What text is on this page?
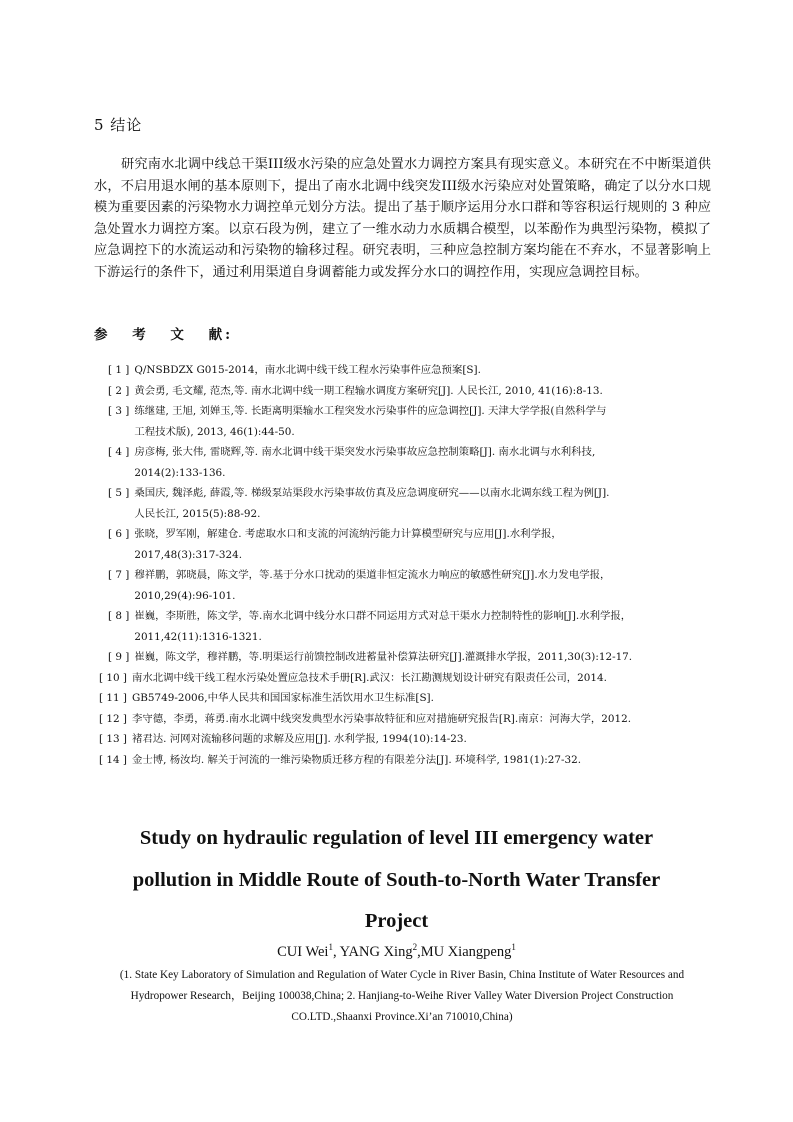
5 结论

研究南水北调中线总干渠III级水污染的应急处置水力调控方案具有现实意义。本研究在不中断渠道供水，不启用退水闸的基本原则下，提出了南水北调中线突发III级水污染应对处置策略，确定了以分水口规模为重要因素的污染物水力调控单元划分方法。提出了基于顺序运用分水口群和等容积运行规则的 3 种应急处置水力调控方案。以京石段为例，建立了一维水动力水质耦合模型，以苯酚作为典型污染物，模拟了应急调控下的水流运动和污染物的输移过程。研究表明，三种应急控制方案均能在不弃水，不显著影响上下游运行的条件下，通过利用渠道自身调蓄能力或发挥分水口的调控作用，实现应急调控目标。

参 考 文 献:
[ 1 ] Q/NSBDZX G015-2014，南水北调中线干线工程水污染事件应急预案[S].
[ 2 ] 黄会勇, 毛文耀, 范杰,等. 南水北调中线一期工程输水调度方案研究[J]. 人民长江, 2010, 41(16):8-13.
[ 3 ] 练继建, 王旭, 刘婵玉,等. 长距离明渠输水工程突发水污染事件的应急调控[J]. 天津大学学报(自然科学与
工程技术版), 2013, 46(1):44-50.
[ 4 ] 房彦梅, 张大伟, 雷晓辉,等. 南水北调中线干渠突发水污染事故应急控制策略[J]. 南水北调与水利科技,
2014(2):133-136.
[ 5 ] 桑国庆, 魏泽彪, 薛霞,等. 梯级泵站渠段水污染事故仿真及应急调度研究——以南水北调东线工程为例[J].
人民长江, 2015(5):88-92.
[ 6 ] 张晓，罗军刚，解建仓. 考虑取水口和支流的河流纳污能力计算模型研究与应用[J].水利学报，
2017,48(3):317-324.
[ 7 ] 穆祥鹏，郭晓晨，陈文学，等.基于分水口扰动的渠道非恒定流水力响应的敏感性研究[J].水力发电学报，
2010,29(4):96-101.
[ 8 ] 崔巍，李斯胜，陈文学，等.南水北调中线分水口群不同运用方式对总干渠水力控制特性的影响[J].水利学报，
2011,42(11):1316-1321.
[ 9 ] 崔巍，陈文学，穆祥鹏，等.明渠运行前馈控制改进蓄量补偿算法研究[J].灌溉排水学报，2011,30(3):12-17.
[ 10 ] 南水北调中线干线工程水污染处置应急技术手册[R].武汉：长江勘测规划设计研究有限责任公司，2014.
[ 11 ] GB5749-2006,中华人民共和国国家标准生活饮用水卫生标准[S].
[ 12 ] 李守德，李勇，蒋勇.南水北调中线突发典型水污染事故特征和应对措施研究报告[R].南京：河海大学，2012.
[ 13 ] 褚君达. 河网对流输移问题的求解及应用[J]. 水利学报, 1994(10):14-23.
[ 14 ] 金士博, 杨汝均. 解关于河流的一维污染物质迁移方程的有限差分法[J]. 环境科学, 1981(1):27-32.
Study on hydraulic regulation of level III emergency water
pollution in Middle Route of South-to-North Water Transfer
Project
CUI Wei$^1$, YANG Xing$^2$,MU Xiangpeng$^1$
(1. State Key Laboratory of Simulation and Regulation of Water Cycle in River Basin, China Institute of Water Resources and Hydropower Research，Beijing 100038,China; 2. Hanjiang-to-Weihe River Valley Water Diversion Project Construction CO.LTD.,Shaanxi Province.Xi’an 710010,China)
